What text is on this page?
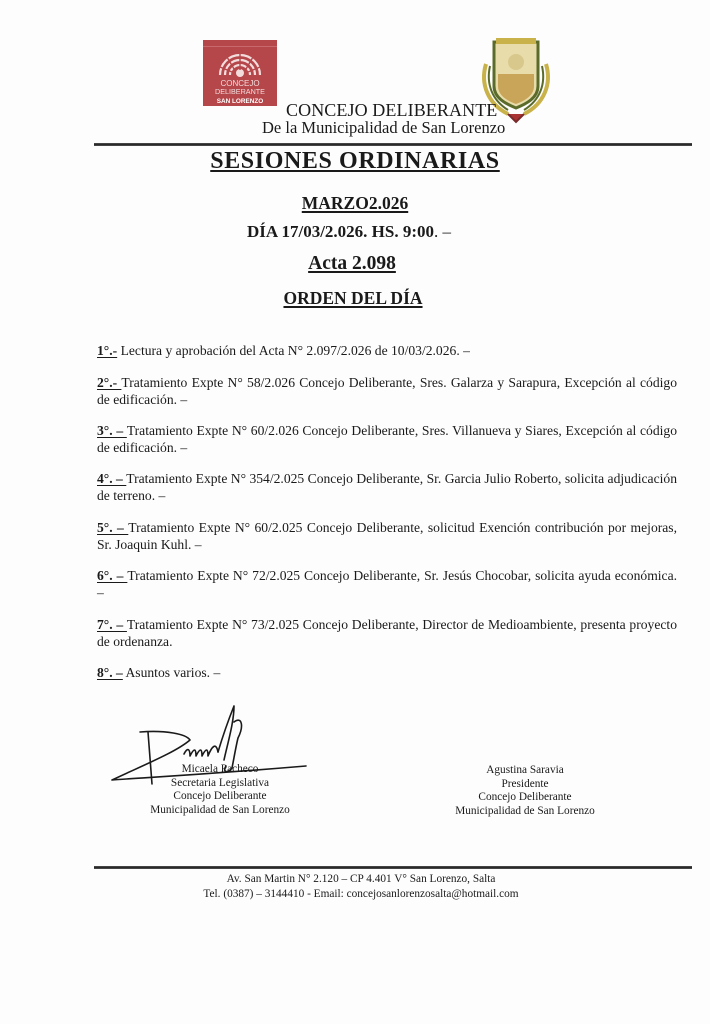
CONCEJO
DELIBERANTE
SAN LORENZO CONCEJO DELIBERANTE
De la Municipalidad de San Lorenzo
SESIONES ORDINARIAS
MARZO2.026
DÍA 17/03/2.026. HS. 9:00. –
Acta 2.098
ORDEN DEL DÍA
1°.- Lectura y aprobación del Acta N° 2.097/2.026 de 10/03/2.026. –
2°.- Tratamiento Expte N° 58/2.026 Concejo Deliberante, Sres. Galarza y Sarapura, Excepción al código de edificación. –
3°. – Tratamiento Expte N° 60/2.026 Concejo Deliberante, Sres. Villanueva y Siares, Excepción al código de edificación. –
4°. – Tratamiento Expte N° 354/2.025 Concejo Deliberante, Sr. Garcia Julio Roberto, solicita adjudicación de terreno. –
5°. – Tratamiento Expte N° 60/2.025 Concejo Deliberante, solicitud Exención contribución por mejoras, Sr. Joaquin Kuhl. –
6°. – Tratamiento Expte N° 72/2.025 Concejo Deliberante, Sr. Jesús Chocobar, solicita ayuda económica. –
7°. – Tratamiento Expte N° 73/2.025 Concejo Deliberante, Director de Medioambiente, presenta proyecto de ordenanza.
8°. – Asuntos varios. –
Micaela Pacheco
Secretaria Legislativa
Concejo Deliberante
Municipalidad de San Lorenzo
Agustina Saravia
Presidente
Concejo Deliberante
Municipalidad de San Lorenzo
Av. San Martin N° 2.120 – CP 4.401 V° San Lorenzo, Salta
Tel. (0387) – 3144410 - Email: concejosanlorenzosalta@hotmail.com
